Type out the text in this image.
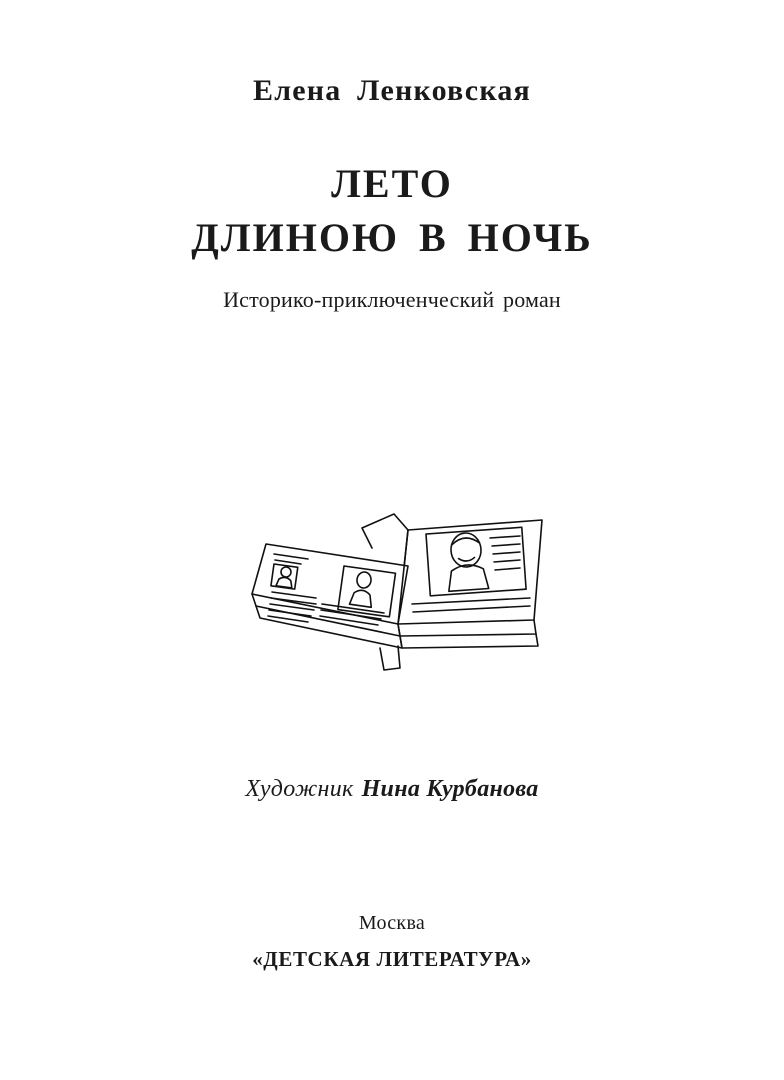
Елена Ленковская
ЛЕТО
ДЛИНОЮ В НОЧЬ
Историко-приключенческий роман
Художник Нина Курбанова
Москва
«ДЕТСКАЯ ЛИТЕРАТУРА»
